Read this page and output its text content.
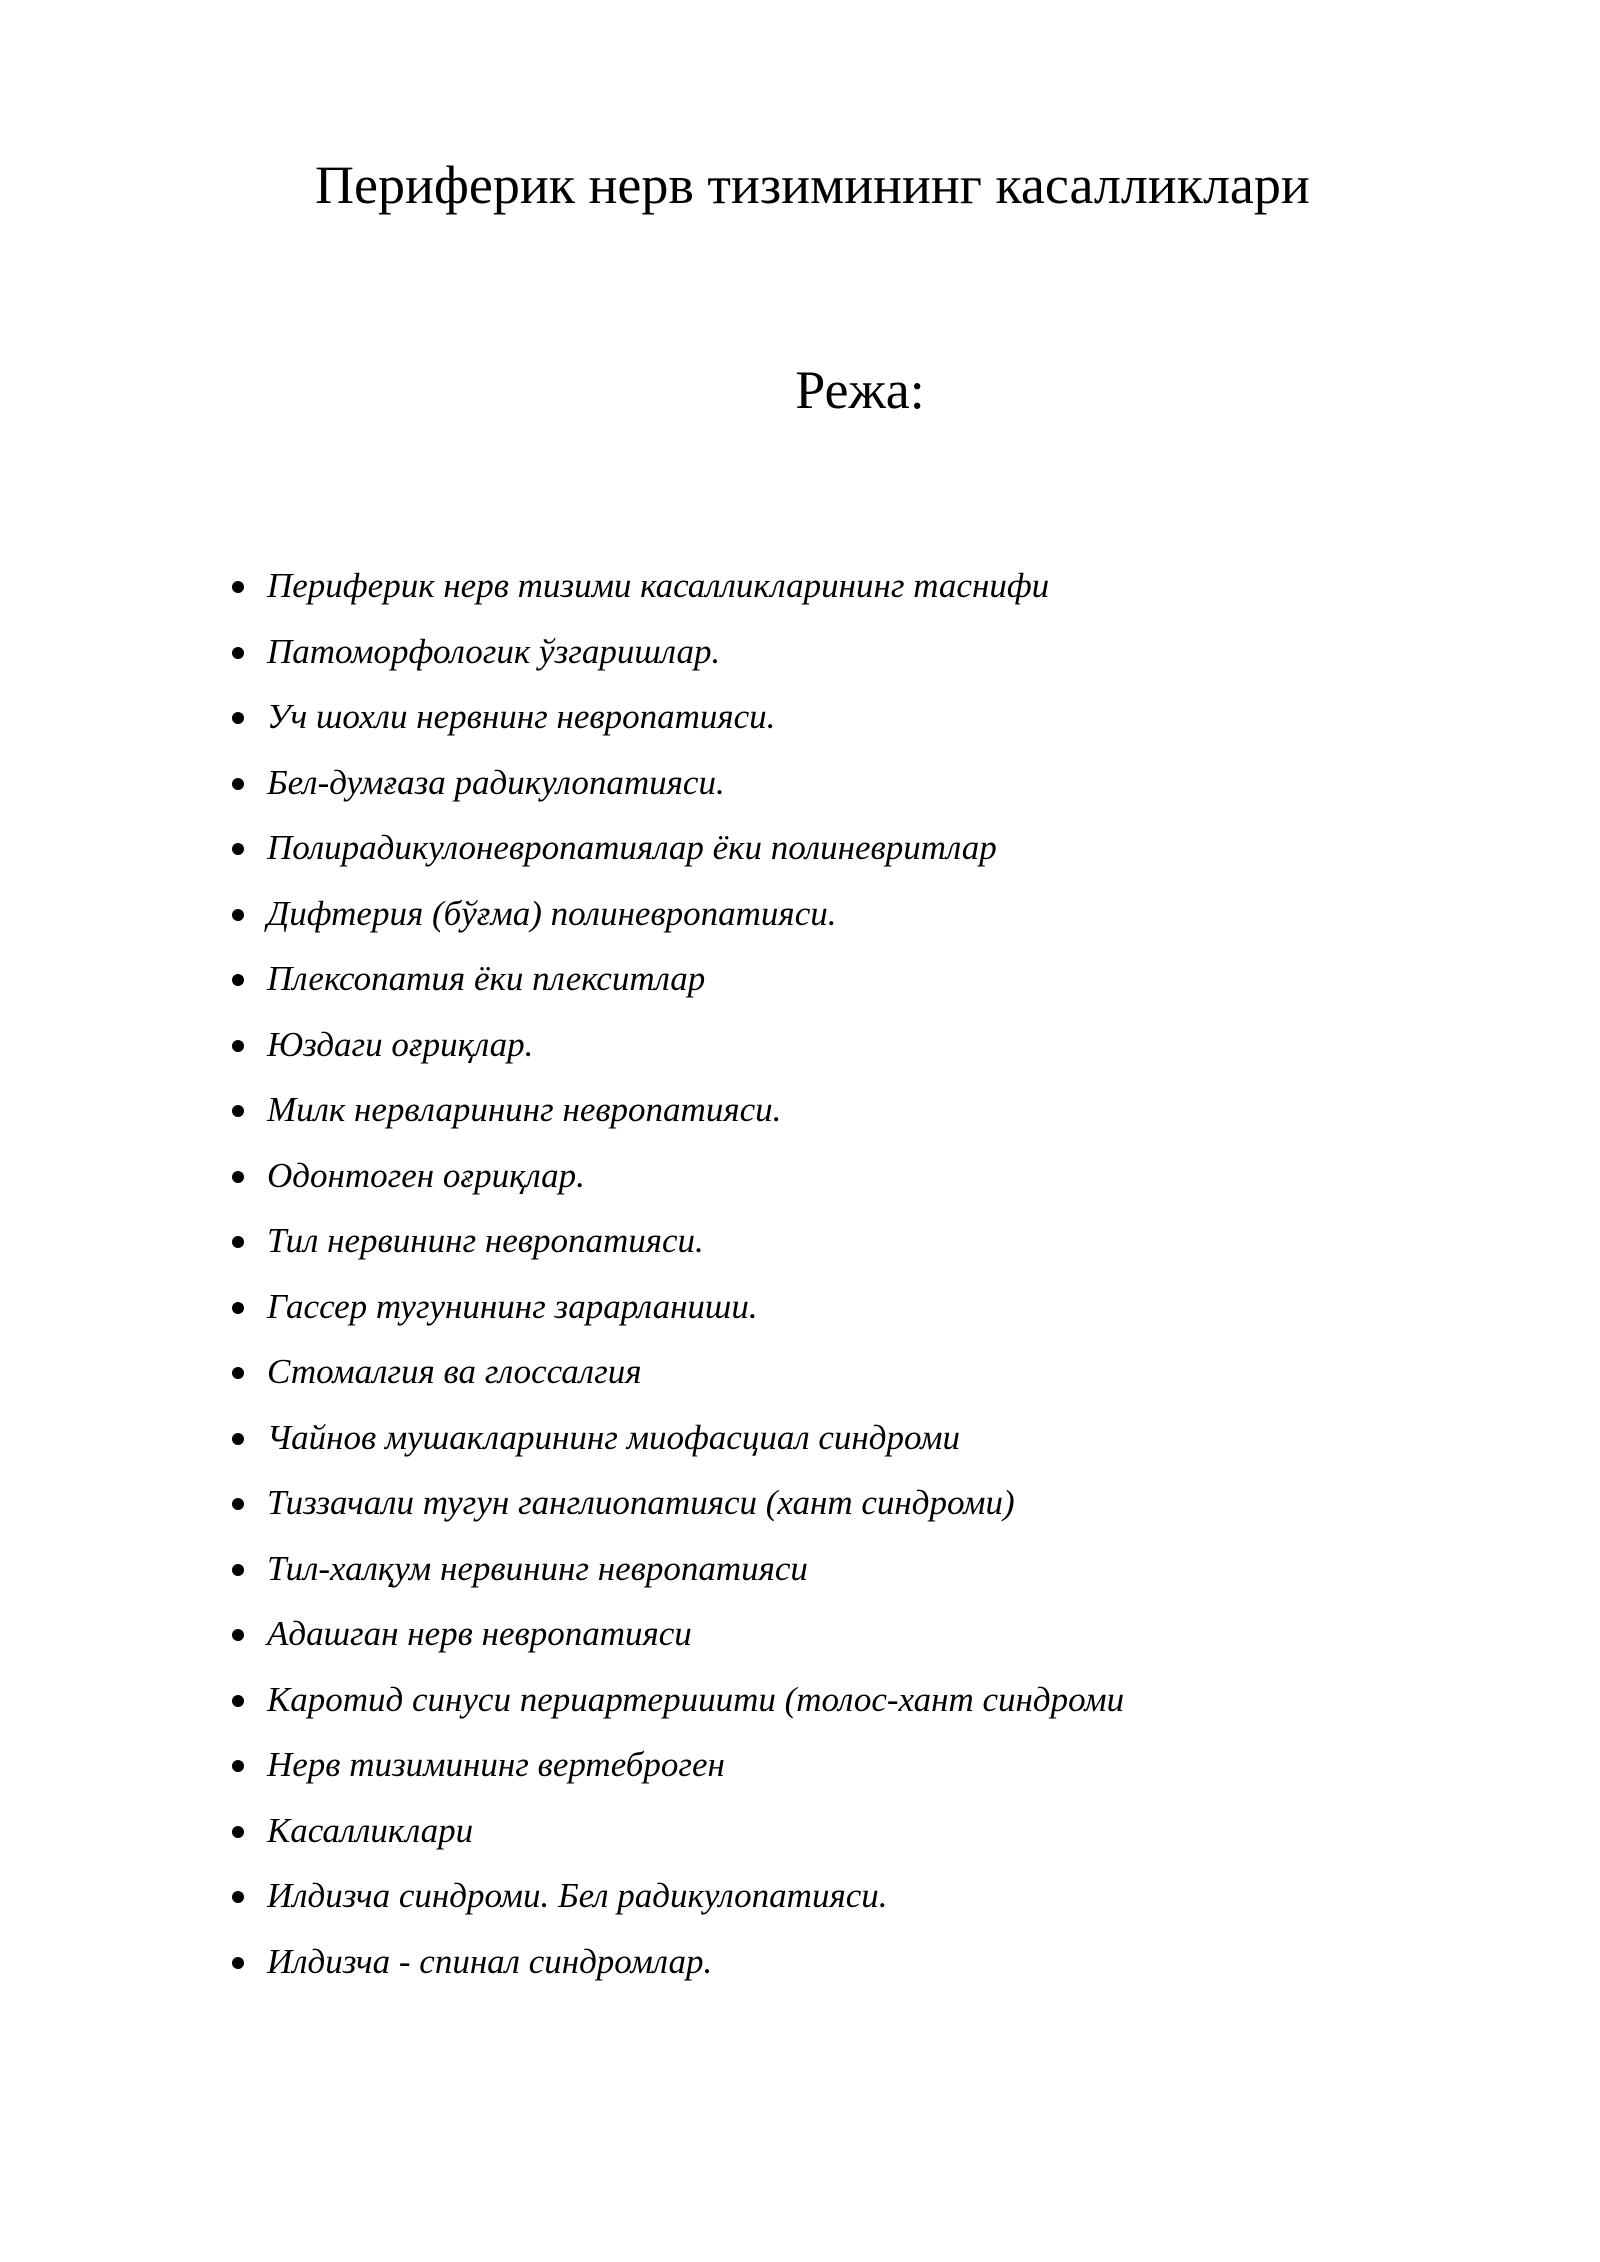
Периферик нерв тизимининг касалликлари
Режа:
Периферик нерв тизими касалликларининг таснифи
Патоморфологик ўзгаришлар.
Уч шохли нервнинг невропатияси.
Бел-думғаза радикулопатияси.
Полирадикулоневропатиялар ёки полиневритлар
Дифтерия (бўғма) полиневропатияси.
Плексопатия ёки плекситлар
Юздаги оғриқлар.
Милк нервларининг невропатияси.
Одонтоген оғриқлар.
Тил нервининг невропатияси.
Гассер тугунининг зарарланиши.
Стомалгия ва глоссалгия
Чайнов мушакларининг миофасциал синдроми
Тиззачали тугун ганглиопатияси (хант синдроми)
Тил-халқум нервининг невропатияси
Адашган нерв невропатияси
Каротид синуси периартерииити (толос-хант синдроми
Нерв тизимининг вертеброген
Касалликлари
Илдизча синдроми. Бел радикулопатияси.
Илдизча - спинал синдромлар.
